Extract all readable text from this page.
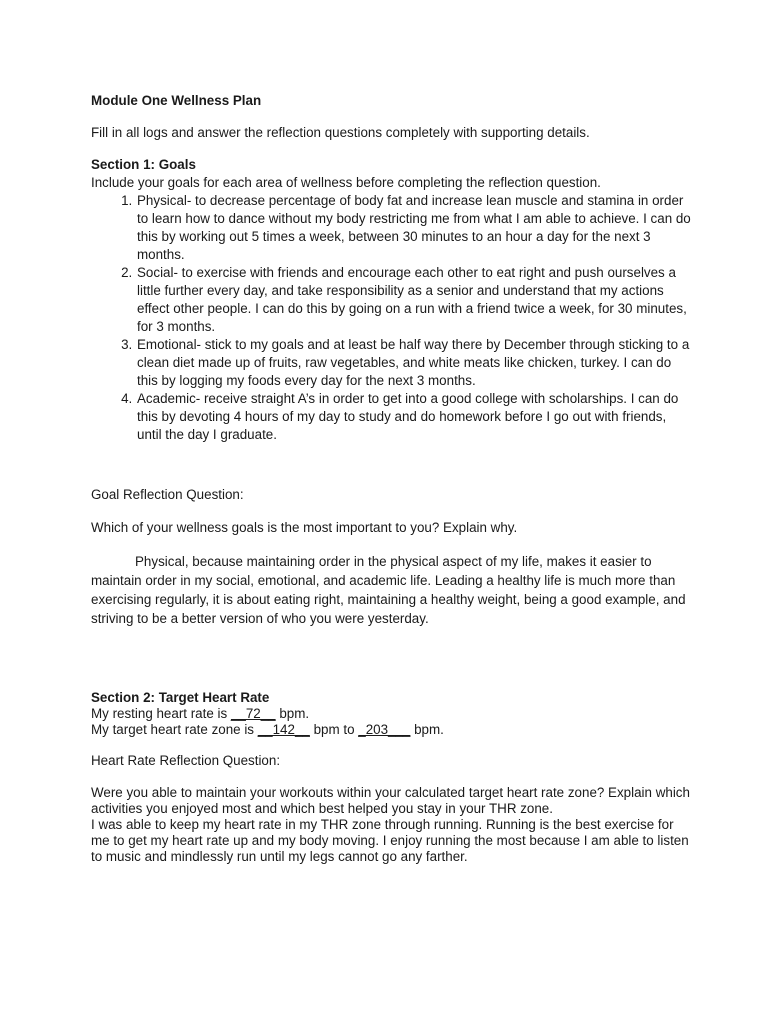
Module One Wellness Plan

Fill in all logs and answer the reflection questions completely with supporting details.

Section 1: Goals

Include your goals for each area of wellness before completing the reflection question.

1. Physical- to decrease percentage of body fat and increase lean muscle and stamina in order to learn how to dance without my body restricting me from what I am able to achieve. I can do this by working out 5 times a week, between 30 minutes to an hour a day for the next 3 months.
2. Social- to exercise with friends and encourage each other to eat right and push ourselves a little further every day, and take responsibility as a senior and understand that my actions effect other people. I can do this by going on a run with a friend twice a week, for 30 minutes, for 3 months.
3. Emotional- stick to my goals and at least be half way there by December through sticking to a clean diet made up of fruits, raw vegetables, and white meats like chicken, turkey. I can do this by logging my foods every day for the next 3 months.
4. Academic- receive straight A’s in order to get into a good college with scholarships. I can do this by devoting 4 hours of my day to study and do homework before I go out with friends, until the day I graduate.

Goal Reflection Question:

Which of your wellness goals is the most important to you? Explain why.

Physical, because maintaining order in the physical aspect of my life, makes it easier to maintain order in my social, emotional, and academic life. Leading a healthy life is much more than exercising regularly, it is about eating right, maintaining a healthy weight, being a good example, and striving to be a better version of who you were yesterday.

Section 2: Target Heart Rate

My resting heart rate is __72__ bpm.

My target heart rate zone is __142__ bpm to _203___ bpm.

Heart Rate Reflection Question:

Were you able to maintain your workouts within your calculated target heart rate zone? Explain which activities you enjoyed most and which best helped you stay in your THR zone.

I was able to keep my heart rate in my THR zone through running. Running is the best exercise for me to get my heart rate up and my body moving. I enjoy running the most because I am able to listen to music and mindlessly run until my legs cannot go any farther.
